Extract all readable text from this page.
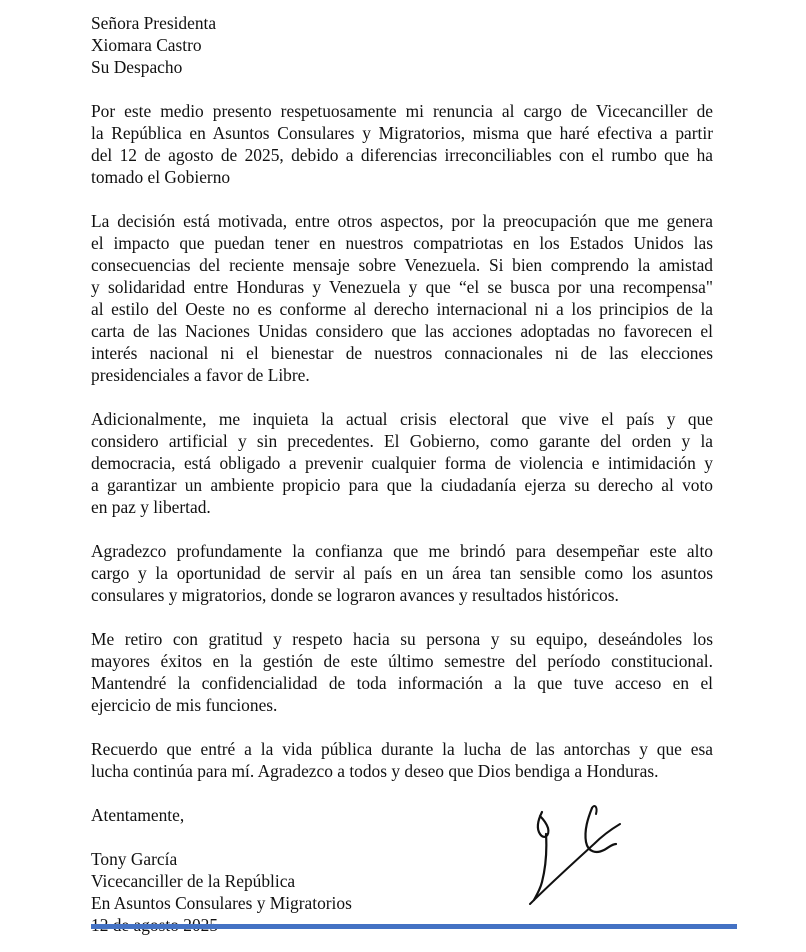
Señora Presidenta
Xiomara Castro
Su Despacho

Por este medio presento respetuosamente mi renuncia al cargo de Vicecanciller de
la República en Asuntos Consulares y Migratorios, misma que haré efectiva a partir
del 12 de agosto de 2025, debido a diferencias irreconciliables con el rumbo que ha
tomado el Gobierno

La decisión está motivada, entre otros aspectos, por la preocupación que me genera
el impacto que puedan tener en nuestros compatriotas en los Estados Unidos las
consecuencias del reciente mensaje sobre Venezuela. Si bien comprendo la amistad
y solidaridad entre Honduras y Venezuela y que “el se busca por una recompensa"
al estilo del Oeste no es conforme al derecho internacional ni a los principios de la
carta de las Naciones Unidas considero que las acciones adoptadas no favorecen el
interés nacional ni el bienestar de nuestros connacionales ni de las elecciones
presidenciales a favor de Libre.

Adicionalmente, me inquieta la actual crisis electoral que vive el país y que
considero artificial y sin precedentes. El Gobierno, como garante del orden y la
democracia, está obligado a prevenir cualquier forma de violencia e intimidación y
a garantizar un ambiente propicio para que la ciudadanía ejerza su derecho al voto
en paz y libertad.

Agradezco profundamente la confianza que me brindó para desempeñar este alto
cargo y la oportunidad de servir al país en un área tan sensible como los asuntos
consulares y migratorios, donde se lograron avances y resultados históricos.

Me retiro con gratitud y respeto hacia su persona y su equipo, deseándoles los
mayores éxitos en la gestión de este último semestre del período constitucional.
Mantendré la confidencialidad de toda información a la que tuve acceso en el
ejercicio de mis funciones.

Recuerdo que entré a la vida pública durante la lucha de las antorchas y que esa
lucha continúa para mí. Agradezco a todos y deseo que Dios bendiga a Honduras.

Atentamente,
Tony García
Vicecanciller de la República
En Asuntos Consulares y Migratorios
